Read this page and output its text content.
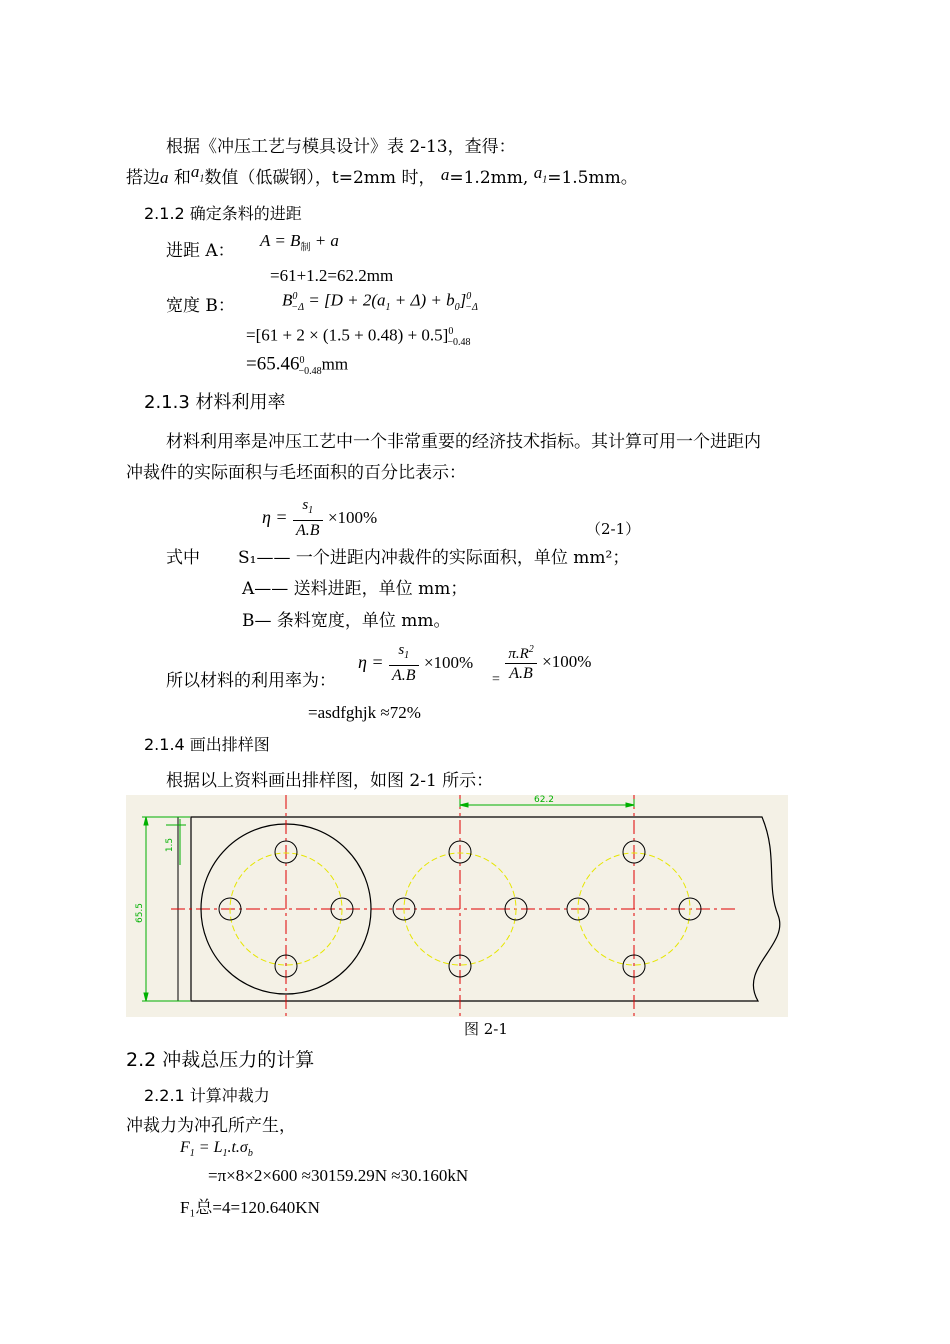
根据《冲压工艺与模具设计》表 2-13，查得：
搭边a 和$a_1$数值（低碳钢），t=2mm 时， a=1.2mm, $a_1=1.5mm$。
2.1.2 确定条料的进距
进距 A：
$A = B_制 + a$
=61+1.2=62.2mm
宽度 B：	$B^0_{-\Delta} = [D + 2(a_1 + \Delta) + b_0]^0_{-\Delta}$
$=[61 + 2 \times (1.5 + 0.48) + 0.5]^0_{-0.48}$
$=65.46^0_{-0.48}mm$
2.1.3 材料利用率
材料利用率是冲压工艺中一个非常重要的经济技术指标。其计算可用一个进距内
冲裁件的实际面积与毛坯面积的百分比表示：
$\eta = \frac{s_1}{A.B} \times 100\%$
（2-1）
式中 S₁—— 一个进距内冲裁件的实际面积，单位 mm²；
A—— 送料进距，单位 mm；
B— 条料宽度，单位 mm。
所以材料的利用率为：
$\eta = \frac{s_1}{A.B} \times 100\%$
$_= \frac{\pi.R^2}{A.B} \times 100\%$
=asdfghjk ≈72%
2.1.4 画出排样图
根据以上资料画出排样图，如图 2-1 所示：
62.2
65.5
1.5
图 2-1
2.2 冲裁总压力的计算
2.2.1 计算冲裁力
冲裁力为冲孔所产生，
$F_1 = L_1.t.\sigma_b$
=π×8×2×600 ≈30159.29N ≈30.160kN
F₁总=4=120.640KN
